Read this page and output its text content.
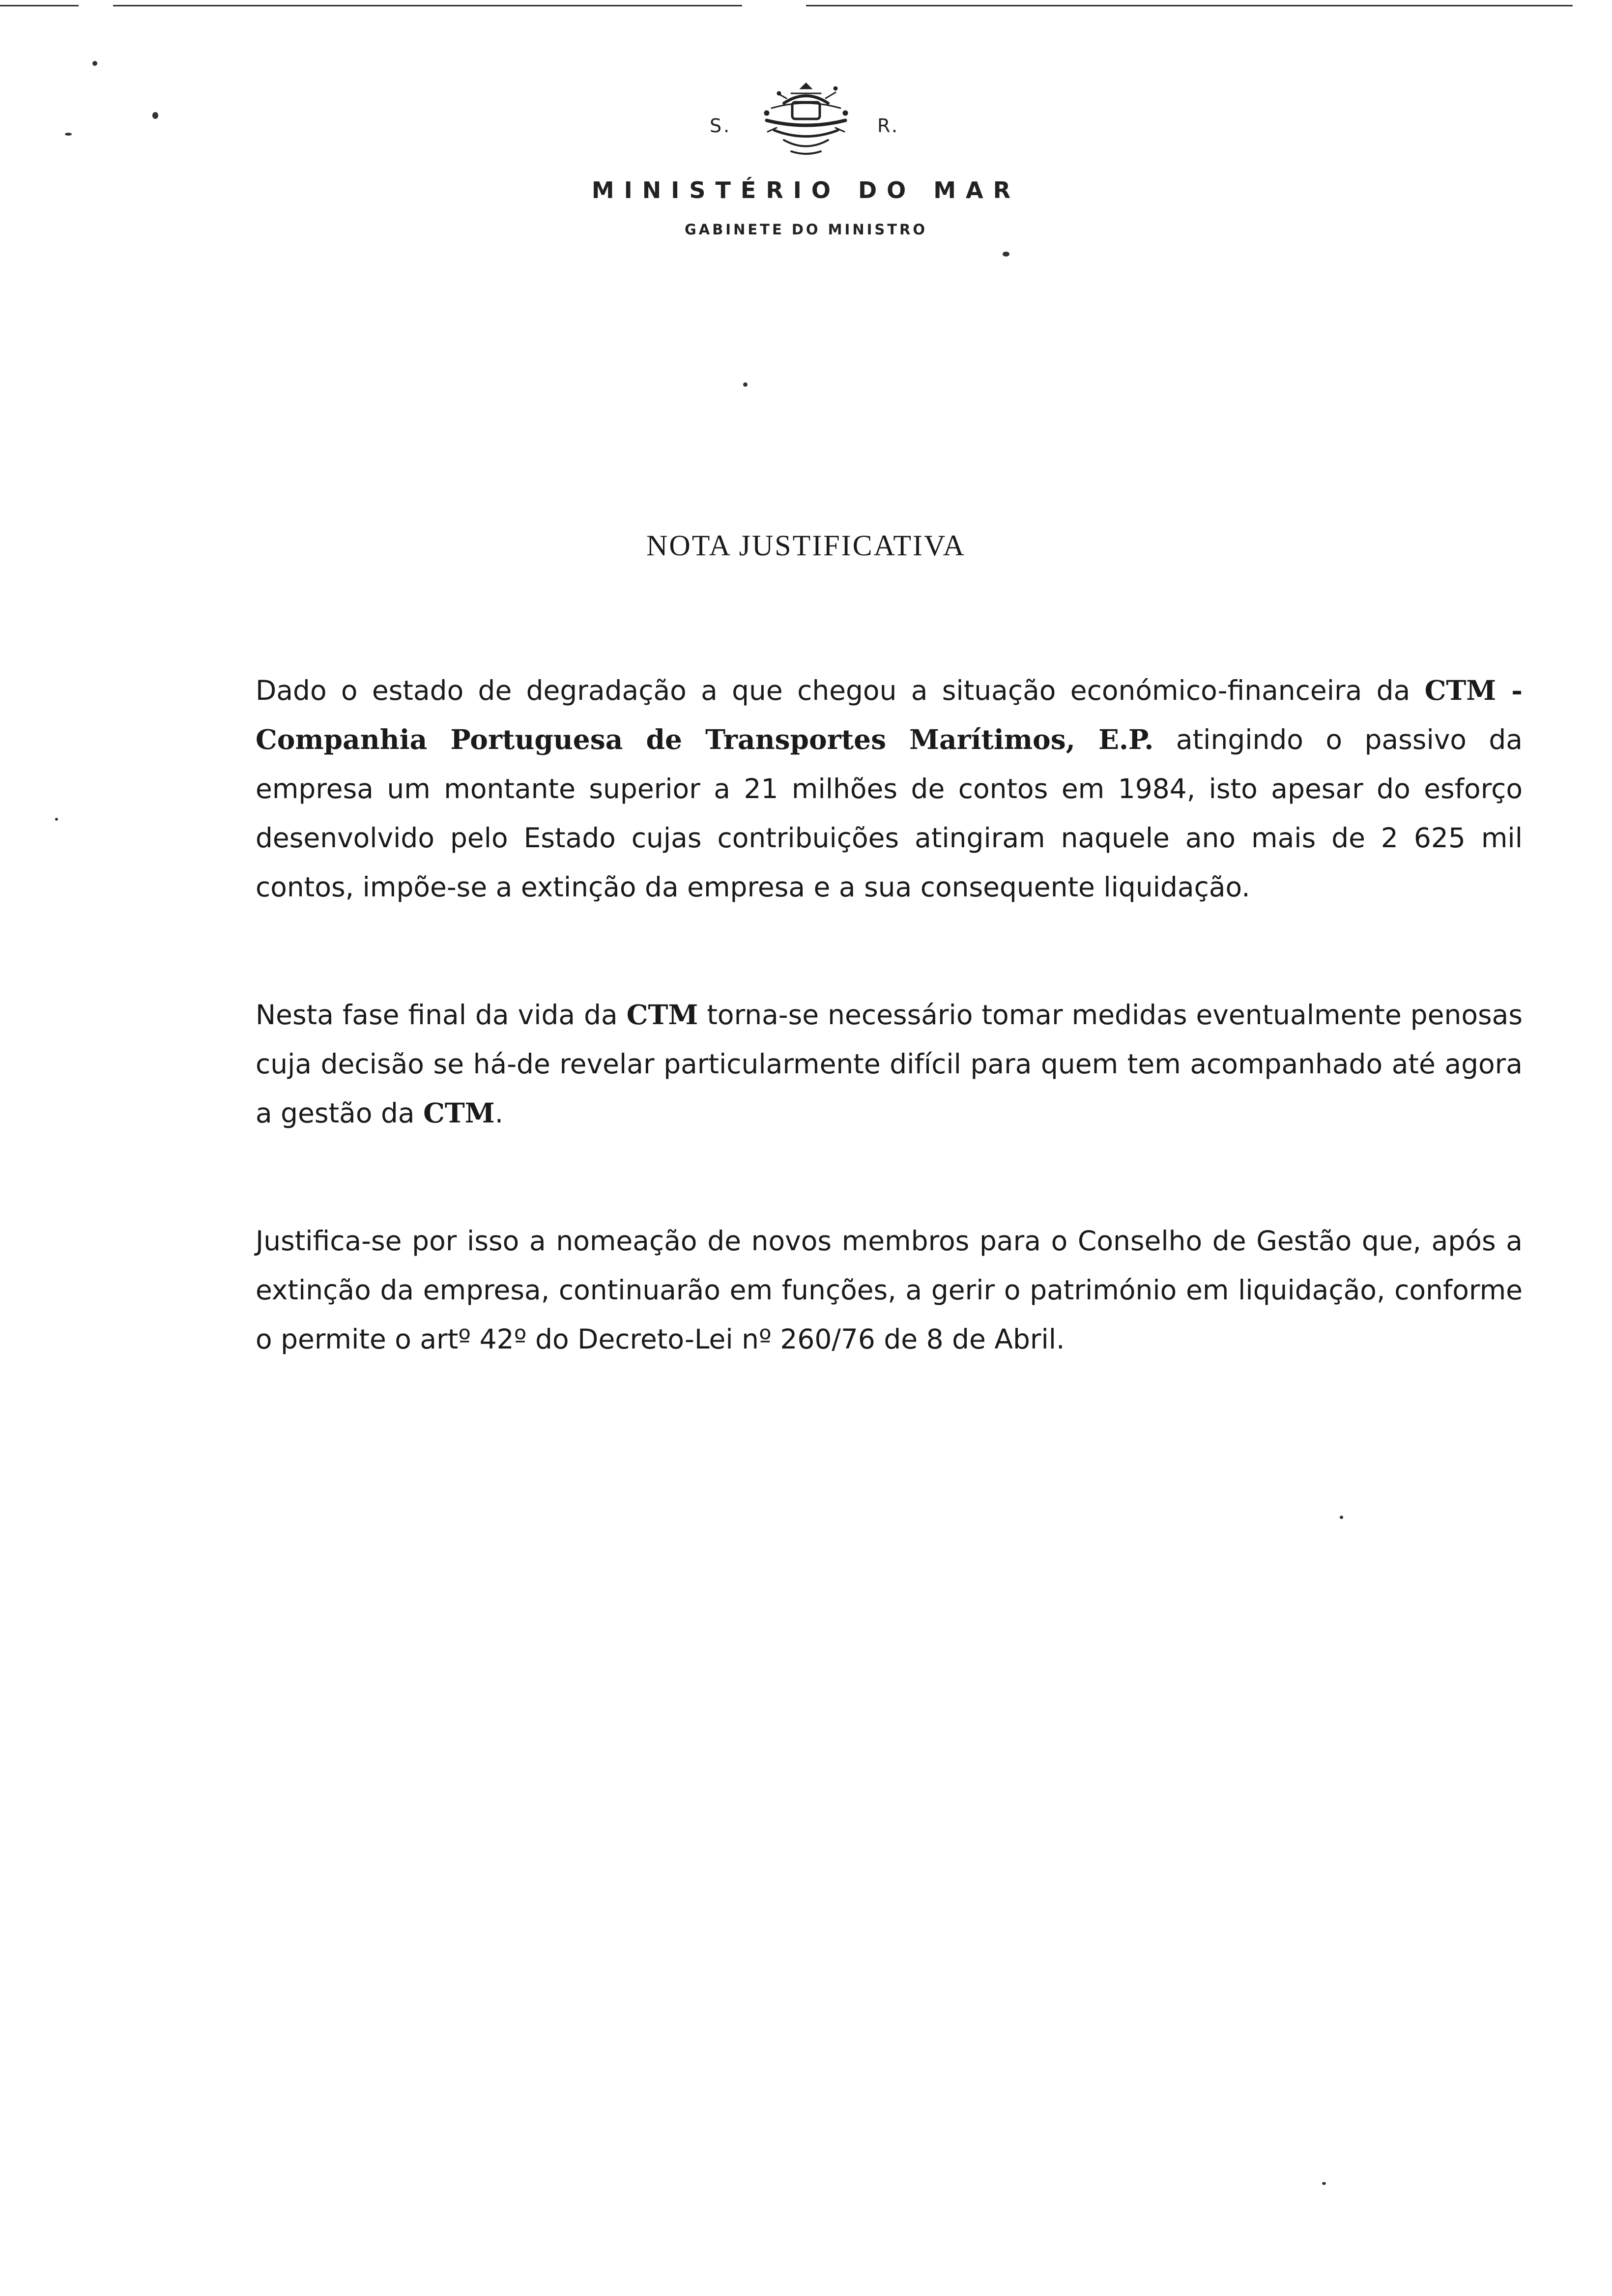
S.	R.
MINISTÉRIO DO MAR
GABINETE DO MINISTRO
NOTA JUSTIFICATIVA

Dado o estado de degradação a que chegou a situação económico-financeira da CTM - Companhia Portuguesa de Transportes Marítimos, E.P. atingindo o passivo da empresa um montante superior a 21 milhões de contos em 1984, isto apesar do esforço desenvolvido pelo Estado cujas contribuições atingiram naquele ano mais de 2 625 mil contos, impõe-se a extinção da empresa e a sua consequente liquidação.

Nesta fase final da vida da CTM torna-se necessário tomar medidas eventualmente penosas cuja decisão se há-de revelar particularmente difícil para quem tem acompanhado até agora a gestão da CTM.

Justifica-se por isso a nomeação de novos membros para o Conselho de Gestão que, após a extinção da empresa, continuarão em funções, a gerir o património em liquidação, conforme o permite o artº 42º do Decreto-Lei nº 260/76 de 8 de Abril.
